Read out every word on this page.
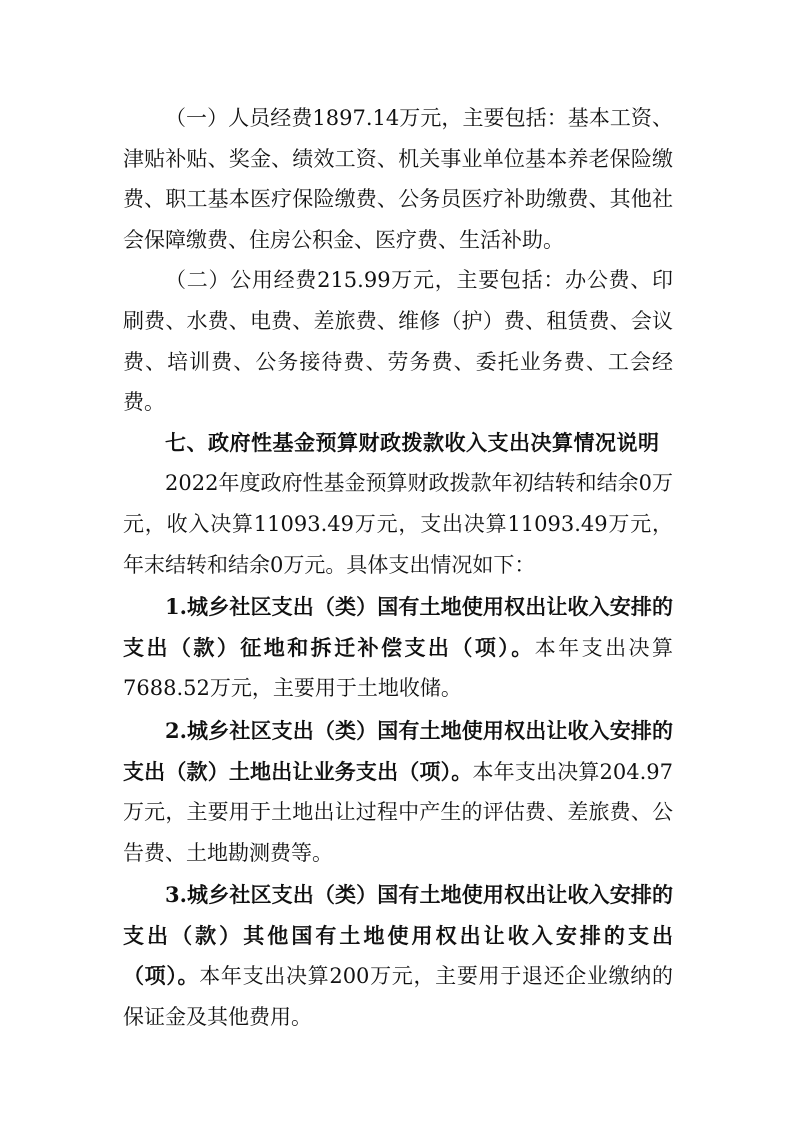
（一）人员经费1897.14万元，主要包括：基本工资、津贴补贴、奖金、绩效工资、机关事业单位基本养老保险缴费、职工基本医疗保险缴费、公务员医疗补助缴费、其他社会保障缴费、住房公积金、医疗费、生活补助。

（二）公用经费215.99万元，主要包括：办公费、印刷费、水费、电费、差旅费、维修（护）费、租赁费、会议费、培训费、公务接待费、劳务费、委托业务费、工会经费。

七、政府性基金预算财政拨款收入支出决算情况说明

2022年度政府性基金预算财政拨款年初结转和结余0万元，收入决算11093.49万元，支出决算11093.49万元，年末结转和结余0万元。具体支出情况如下：

1.城乡社区支出（类）国有土地使用权出让收入安排的支出（款）征地和拆迁补偿支出（项）。本年支出决算7688.52万元，主要用于土地收储。

2.城乡社区支出（类）国有土地使用权出让收入安排的支出（款）土地出让业务支出（项）。本年支出决算204.97万元，主要用于土地出让过程中产生的评估费、差旅费、公告费、土地勘测费等。

3.城乡社区支出（类）国有土地使用权出让收入安排的支出（款）其他国有土地使用权出让收入安排的支出（项）。本年支出决算200万元，主要用于退还企业缴纳的保证金及其他费用。
